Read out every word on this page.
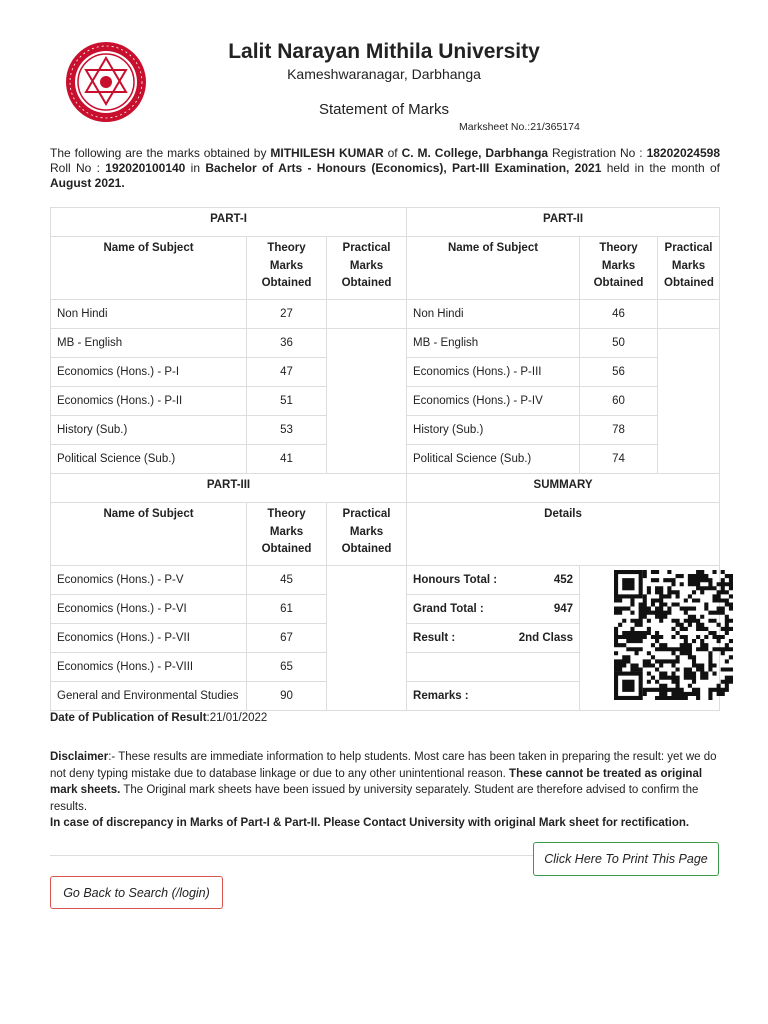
Lalit Narayan Mithila University
Kameshwaranagar, Darbhanga
Statement of Marks
Marksheet No.:21/365174
The following are the marks obtained by MITHILESH KUMAR of C. M. College, Darbhanga Registration No : 18202024598 Roll No : 192020100140 in Bachelor of Arts - Honours (Economics), Part-III Examination, 2021 held in the month of August 2021.
PART-I			PART-II		
Name of Subject	Theory Marks Obtained	Practical Marks Obtained	Name of Subject	Theory Marks Obtained	Practical Marks Obtained
Non Hindi	27		Non Hindi	46	
MB - English	36		MB - English	50	
Economics (Hons.) - P-I	47		Economics (Hons.) - P-III	56	
Economics (Hons.) - P-II	51		Economics (Hons.) - P-IV	60	
History (Sub.)	53		History (Sub.)	78	
Political Science (Sub.)	41		Political Science (Sub.)	74	
PART-III			SUMMARY		
Name of Subject	Theory Marks Obtained	Practical Marks Obtained	Details		
Economics (Hons.) - P-V	45		Honours Total : 452		

Economics (Hons.) - P-VI	61		Grand Total : 947		

Economics (Hons.) - P-VII	67		Result : 2nd Class		

Economics (Hons.) - P-VIII	65				
General and Environmental Studies	90		Remarks :		
Date of Publication of Result:21/01/2022
Disclaimer:- These results are immediate information to help students. Most care has been taken in preparing the result: yet we do not deny typing mistake due to database linkage or due to any other unintentional reason. These cannot be treated as original mark sheets. The Original mark sheets have been issued by university separately. Student are therefore advised to confirm the results.
In case of discrepancy in Marks of Part-I & Part-II. Please Contact University with original Mark sheet for rectification.
Click Here To Print This Page
Go Back to Search (/login)
